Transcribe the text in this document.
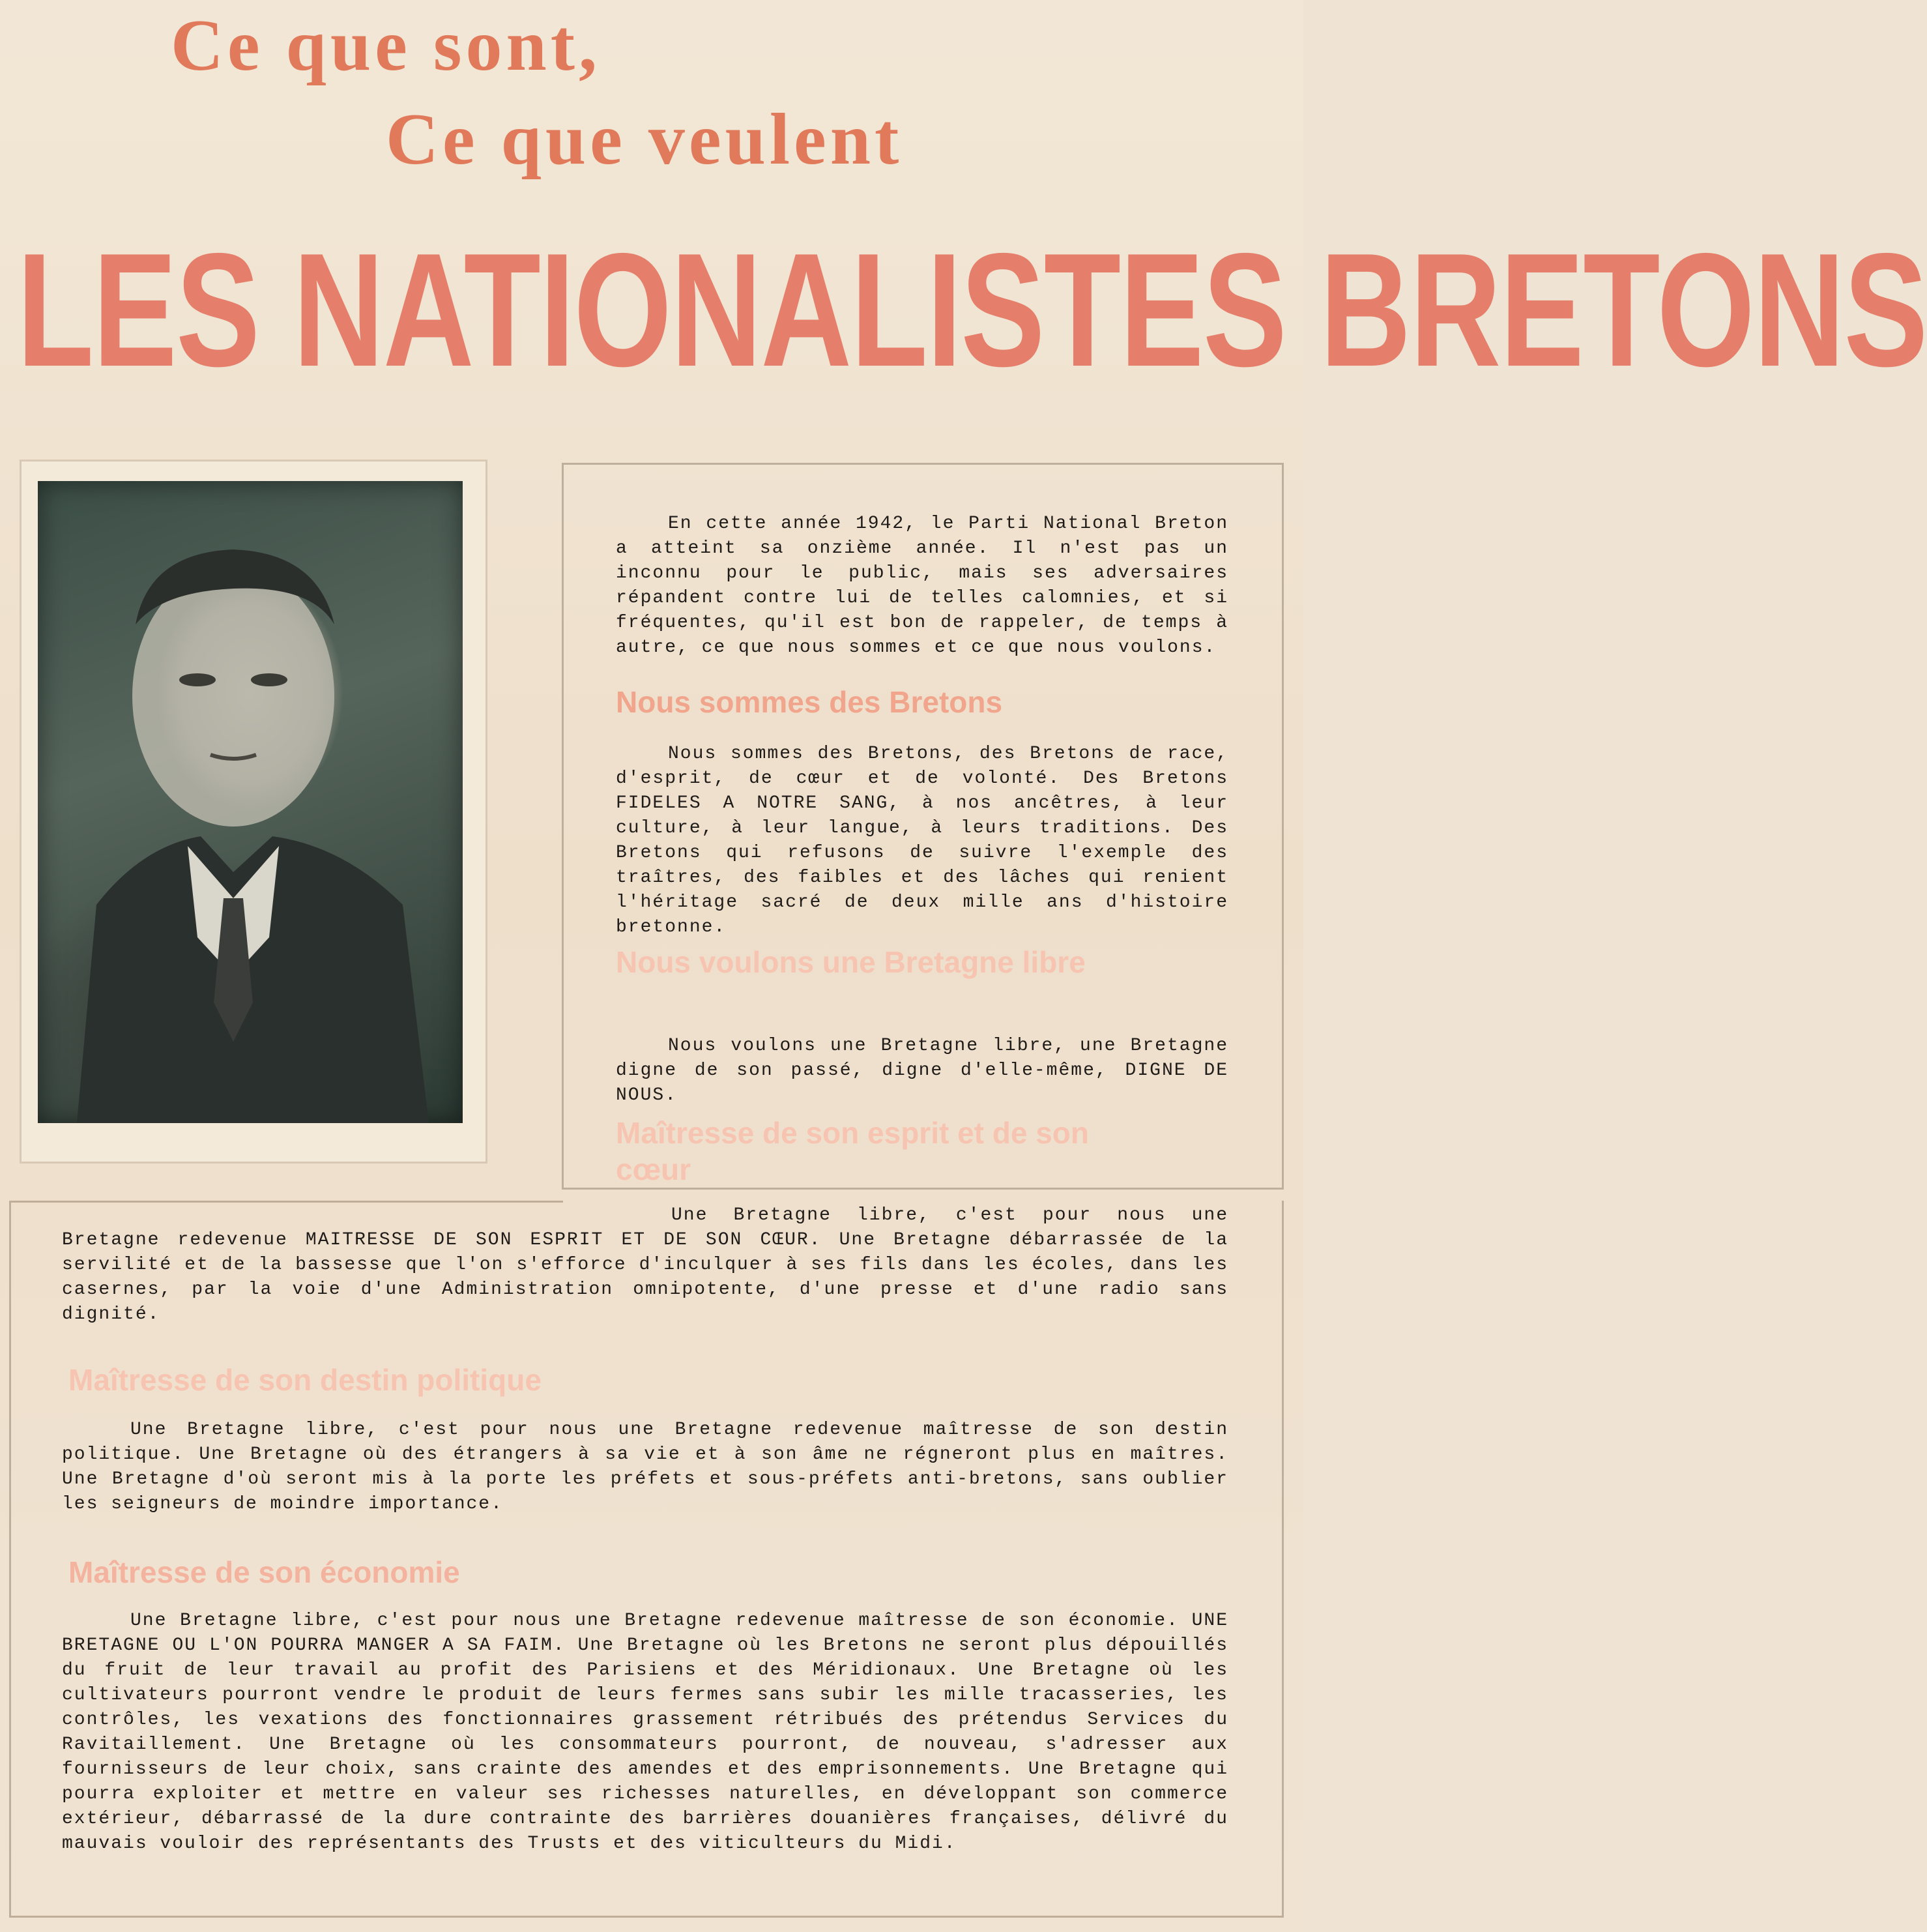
Ce que sont,
Ce que veulent
LES NATIONALISTES BRETONS

En cette année 1942, le Parti National Breton a atteint sa onzième année. Il n'est pas un inconnu pour le public, mais ses adversaires répandent contre lui de telles calomnies, et si fréquentes, qu'il est bon de rappeler, de temps à autre, ce que nous sommes et ce que nous voulons.

Nous sommes des Bretons

Nous sommes des Bretons, des Bretons de race, d'esprit, de cœur et de volonté. Des Bretons FIDELES A NOTRE SANG, à nos ancêtres, à leur culture, à leur langue, à leurs traditions. Des Bretons qui refusons de suivre l'exemple des traîtres, des faibles et des lâches qui renient l'héritage sacré de deux mille ans d'histoire bretonne.

Nous voulons une Bretagne libre

Nous voulons une Bretagne libre, une Bretagne digne de son passé, digne d'elle-même, DIGNE DE NOUS.

Maîtresse de son esprit et de son cœur

Une Bretagne libre, c'est pour nous une Bretagne redevenue MAITRESSE DE SON ESPRIT ET DE SON CŒUR. Une Bretagne débarrassée de la servilité et de la bassesse que l'on s'efforce d'inculquer à ses fils dans les écoles, dans les casernes, par la voie d'une Administration omnipotente, d'une presse et d'une radio sans dignité.

Maîtresse de son destin politique

Une Bretagne libre, c'est pour nous une Bretagne redevenue maîtresse de son destin politique. Une Bretagne où des étrangers à sa vie et à son âme ne régneront plus en maîtres. Une Bretagne d'où seront mis à la porte les préfets et sous-préfets anti-bretons, sans oublier les seigneurs de moindre importance.

Maîtresse de son économie

Une Bretagne libre, c'est pour nous une Bretagne redevenue maîtresse de son économie. UNE BRETAGNE OU L'ON POURRA MANGER A SA FAIM. Une Bretagne où les Bretons ne seront plus dépouillés du fruit de leur travail au profit des Parisiens et des Méridionaux. Une Bretagne où les cultivateurs pourront vendre le produit de leurs fermes sans subir les mille tracasseries, les contrôles, les vexations des fonctionnaires grassement rétribués des prétendus Services du Ravitaillement. Une Bretagne où les consommateurs pourront, de nouveau, s'adresser aux fournisseurs de leur choix, sans crainte des amendes et des emprisonnements. Une Bretagne qui pourra exploiter et mettre en valeur ses richesses naturelles, en développant son commerce extérieur, débarrassé de la dure contrainte des barrières douanières françaises, délivré du mauvais vouloir des représentants des Trusts et des viticulteurs du Midi.
